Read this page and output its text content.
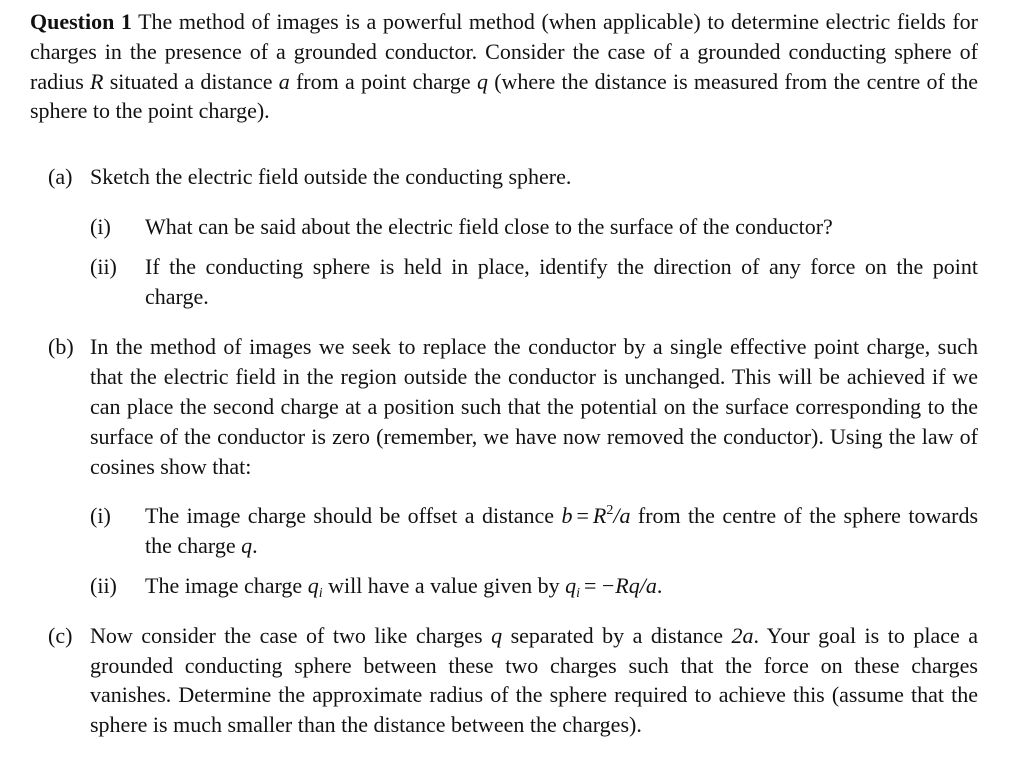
Question 1 The method of images is a powerful method (when applicable) to determine electric fields for charges in the presence of a grounded conductor. Consider the case of a grounded conducting sphere of radius R situated a distance a from a point charge q (where the distance is measured from the centre of the sphere to the point charge).

(a) Sketch the electric field outside the conducting sphere.
(i)	What can be said about the electric field close to the surface of the conductor?
(ii)	If the conducting sphere is held in place, identify the direction of any force on the point charge.
(b) In the method of images we seek to replace the conductor by a single effective point charge, such that the electric field in the region outside the conductor is unchanged. This will be achieved if we can place the second charge at a position such that the potential on the surface corresponding to the surface of the conductor is zero (remember, we have now removed the conductor). Using the law of cosines show that:
(i)	The image charge should be offset a distance $b = R^2/a$ from the centre of the sphere towards the charge q.
(ii)	The image charge $q_i$ will have a value given by $q_i = -Rq/a$.
(c) Now consider the case of two like charges q separated by a distance 2a. Your goal is to place a grounded conducting sphere between these two charges such that the force on these charges vanishes. Determine the approximate radius of the sphere required to achieve this (assume that the sphere is much smaller than the distance between the charges).
